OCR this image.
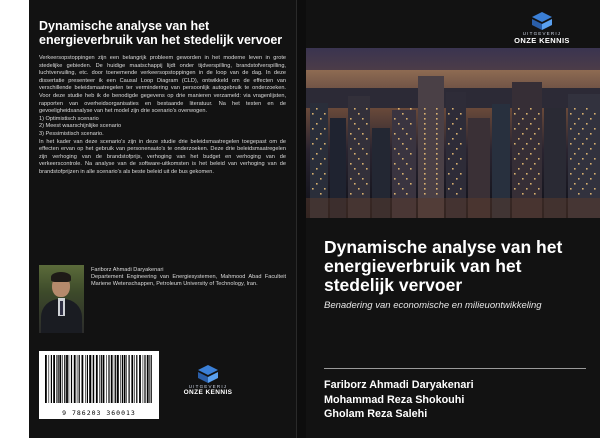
Dynamische analyse van het energieverbruik van het stedelijk vervoer

Verkeersopstoppingen zijn een belangrijk probleem geworden in het moderne leven in grote stedelijke gebieden. De huidige maatschappij lijdt onder tijdverspilling, brandstofverspilling, luchtvervuiling, etc. door toenemende verkeersopstoppingen in de loop van de dag. In deze dissertatie presenteer ik een Causal Loop Diagram (CLD), ontwikkeld om de effecten van verschillende beleidsmaatregelen ter vermindering van persoonlijk autogebruik te onderzoeken. Voor deze studie heb ik de benodigde gegevens op drie manieren verzameld: via vragenlijsten, rapporten van overheidsorganisaties en bestaande literatuur. Na het testen en de gevoeligheidsanalyse van het model zijn drie scenario's overwogen.
1) Optimistisch scenario
2) Meest waarschijnlijke scenario
3) Pessimistisch scenario.
In het kader van deze scenario's zijn in deze studie drie beleidsmaatregelen toegepast om de effecten ervan op het gebruik van personenauto's te onderzoeken. Deze drie beleidsmaatregelen zijn verhoging van de brandstofprijs, verhoging van het budget en verhoging van de verkeerscontrole. Na analyse van de software-uitkomsten is het beleid van verhoging van de brandstofprijzen in alle scenario's als beste beleid uit de bus gekomen.

Fariborz Ahmadi Daryakenari
Departement Engineering van Energiesystemen, Mahmood Abad Faculteit Mariene Wetenschappen, Petroleum University of Technology, Iran.
9 786203 360013
UITGEVERIJ
ONZE KENNIS
UITGEVERIJ
ONZE KENNIS
Dynamische analyse van het energieverbruik van het stedelijk vervoer
Benadering van economische en milieuontwikkeling
Fariborz Ahmadi Daryakenari
Mohammad Reza Shokouhi
Gholam Reza Salehi
